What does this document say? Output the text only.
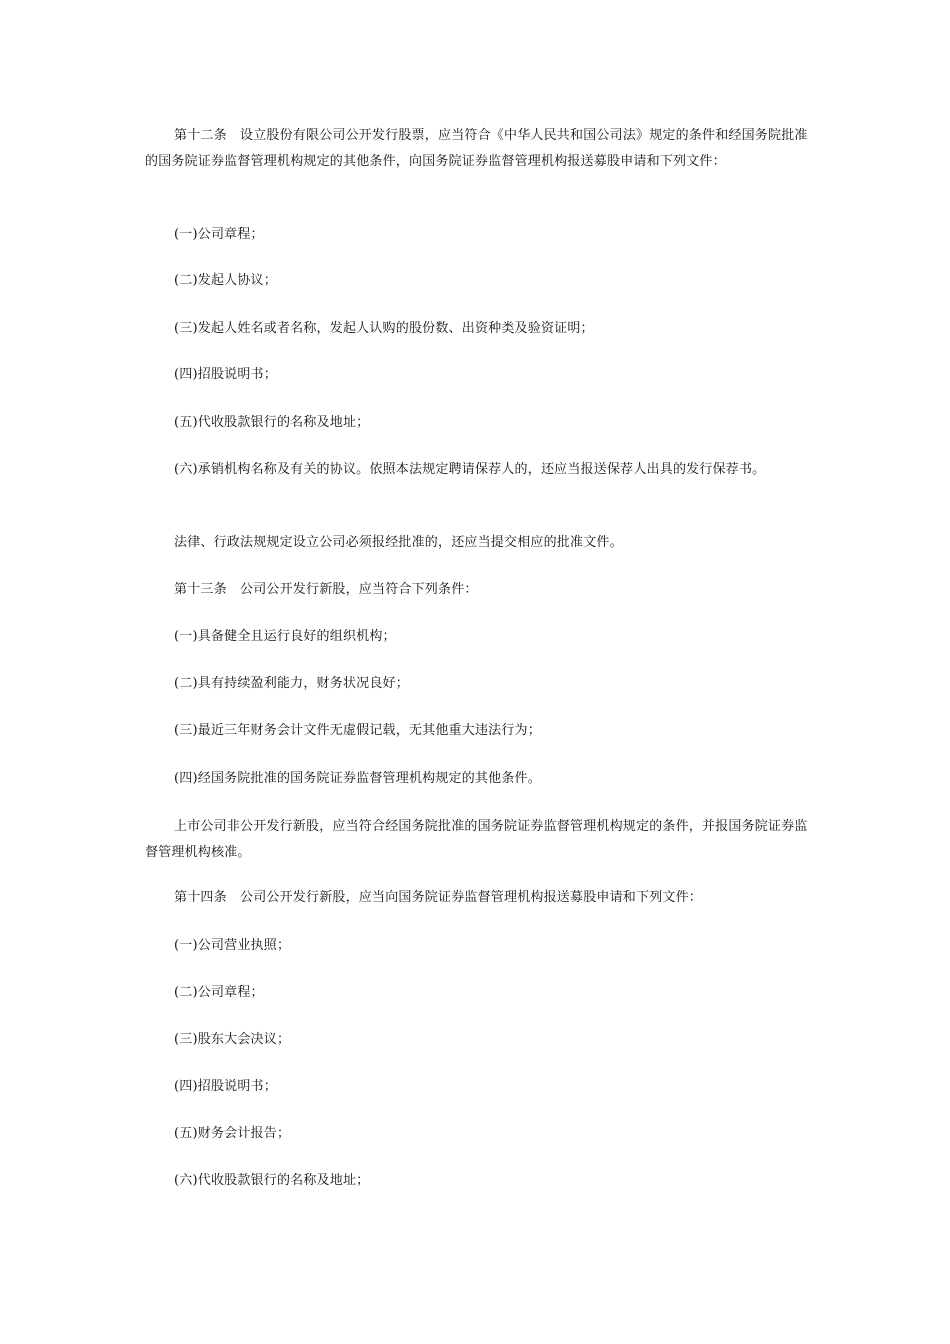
第十二条　设立股份有限公司公开发行股票，应当符合《中华人民共和国公司法》规定的条件和经国务院批准的国务院证券监督管理机构规定的其他条件，向国务院证券监督管理机构报送募股申请和下列文件：

(一)公司章程；

(二)发起人协议；

(三)发起人姓名或者名称，发起人认购的股份数、出资种类及验资证明；

(四)招股说明书；

(五)代收股款银行的名称及地址；

(六)承销机构名称及有关的协议。依照本法规定聘请保荐人的，还应当报送保荐人出具的发行保荐书。

法律、行政法规规定设立公司必须报经批准的，还应当提交相应的批准文件。

第十三条　公司公开发行新股，应当符合下列条件：

(一)具备健全且运行良好的组织机构；

(二)具有持续盈利能力，财务状况良好；

(三)最近三年财务会计文件无虚假记载，无其他重大违法行为；

(四)经国务院批准的国务院证券监督管理机构规定的其他条件。

上市公司非公开发行新股，应当符合经国务院批准的国务院证券监督管理机构规定的条件，并报国务院证券监督管理机构核准。

第十四条　公司公开发行新股，应当向国务院证券监督管理机构报送募股申请和下列文件：

(一)公司营业执照；

(二)公司章程；

(三)股东大会决议；

(四)招股说明书；

(五)财务会计报告；

(六)代收股款银行的名称及地址；
